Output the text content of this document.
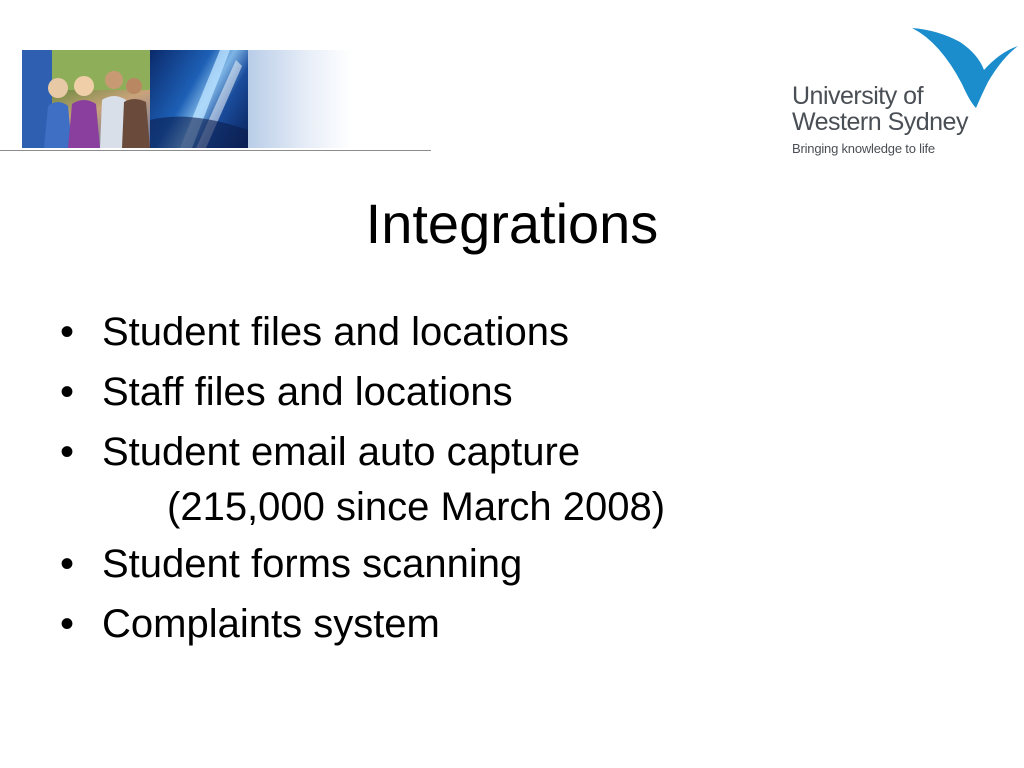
University of
Western Sydney
Bringing knowledge to life
Integrations
• Student files and locations
• Staff files and locations
• Student email auto capture
(215,000 since March 2008)
• Student forms scanning
• Complaints system
